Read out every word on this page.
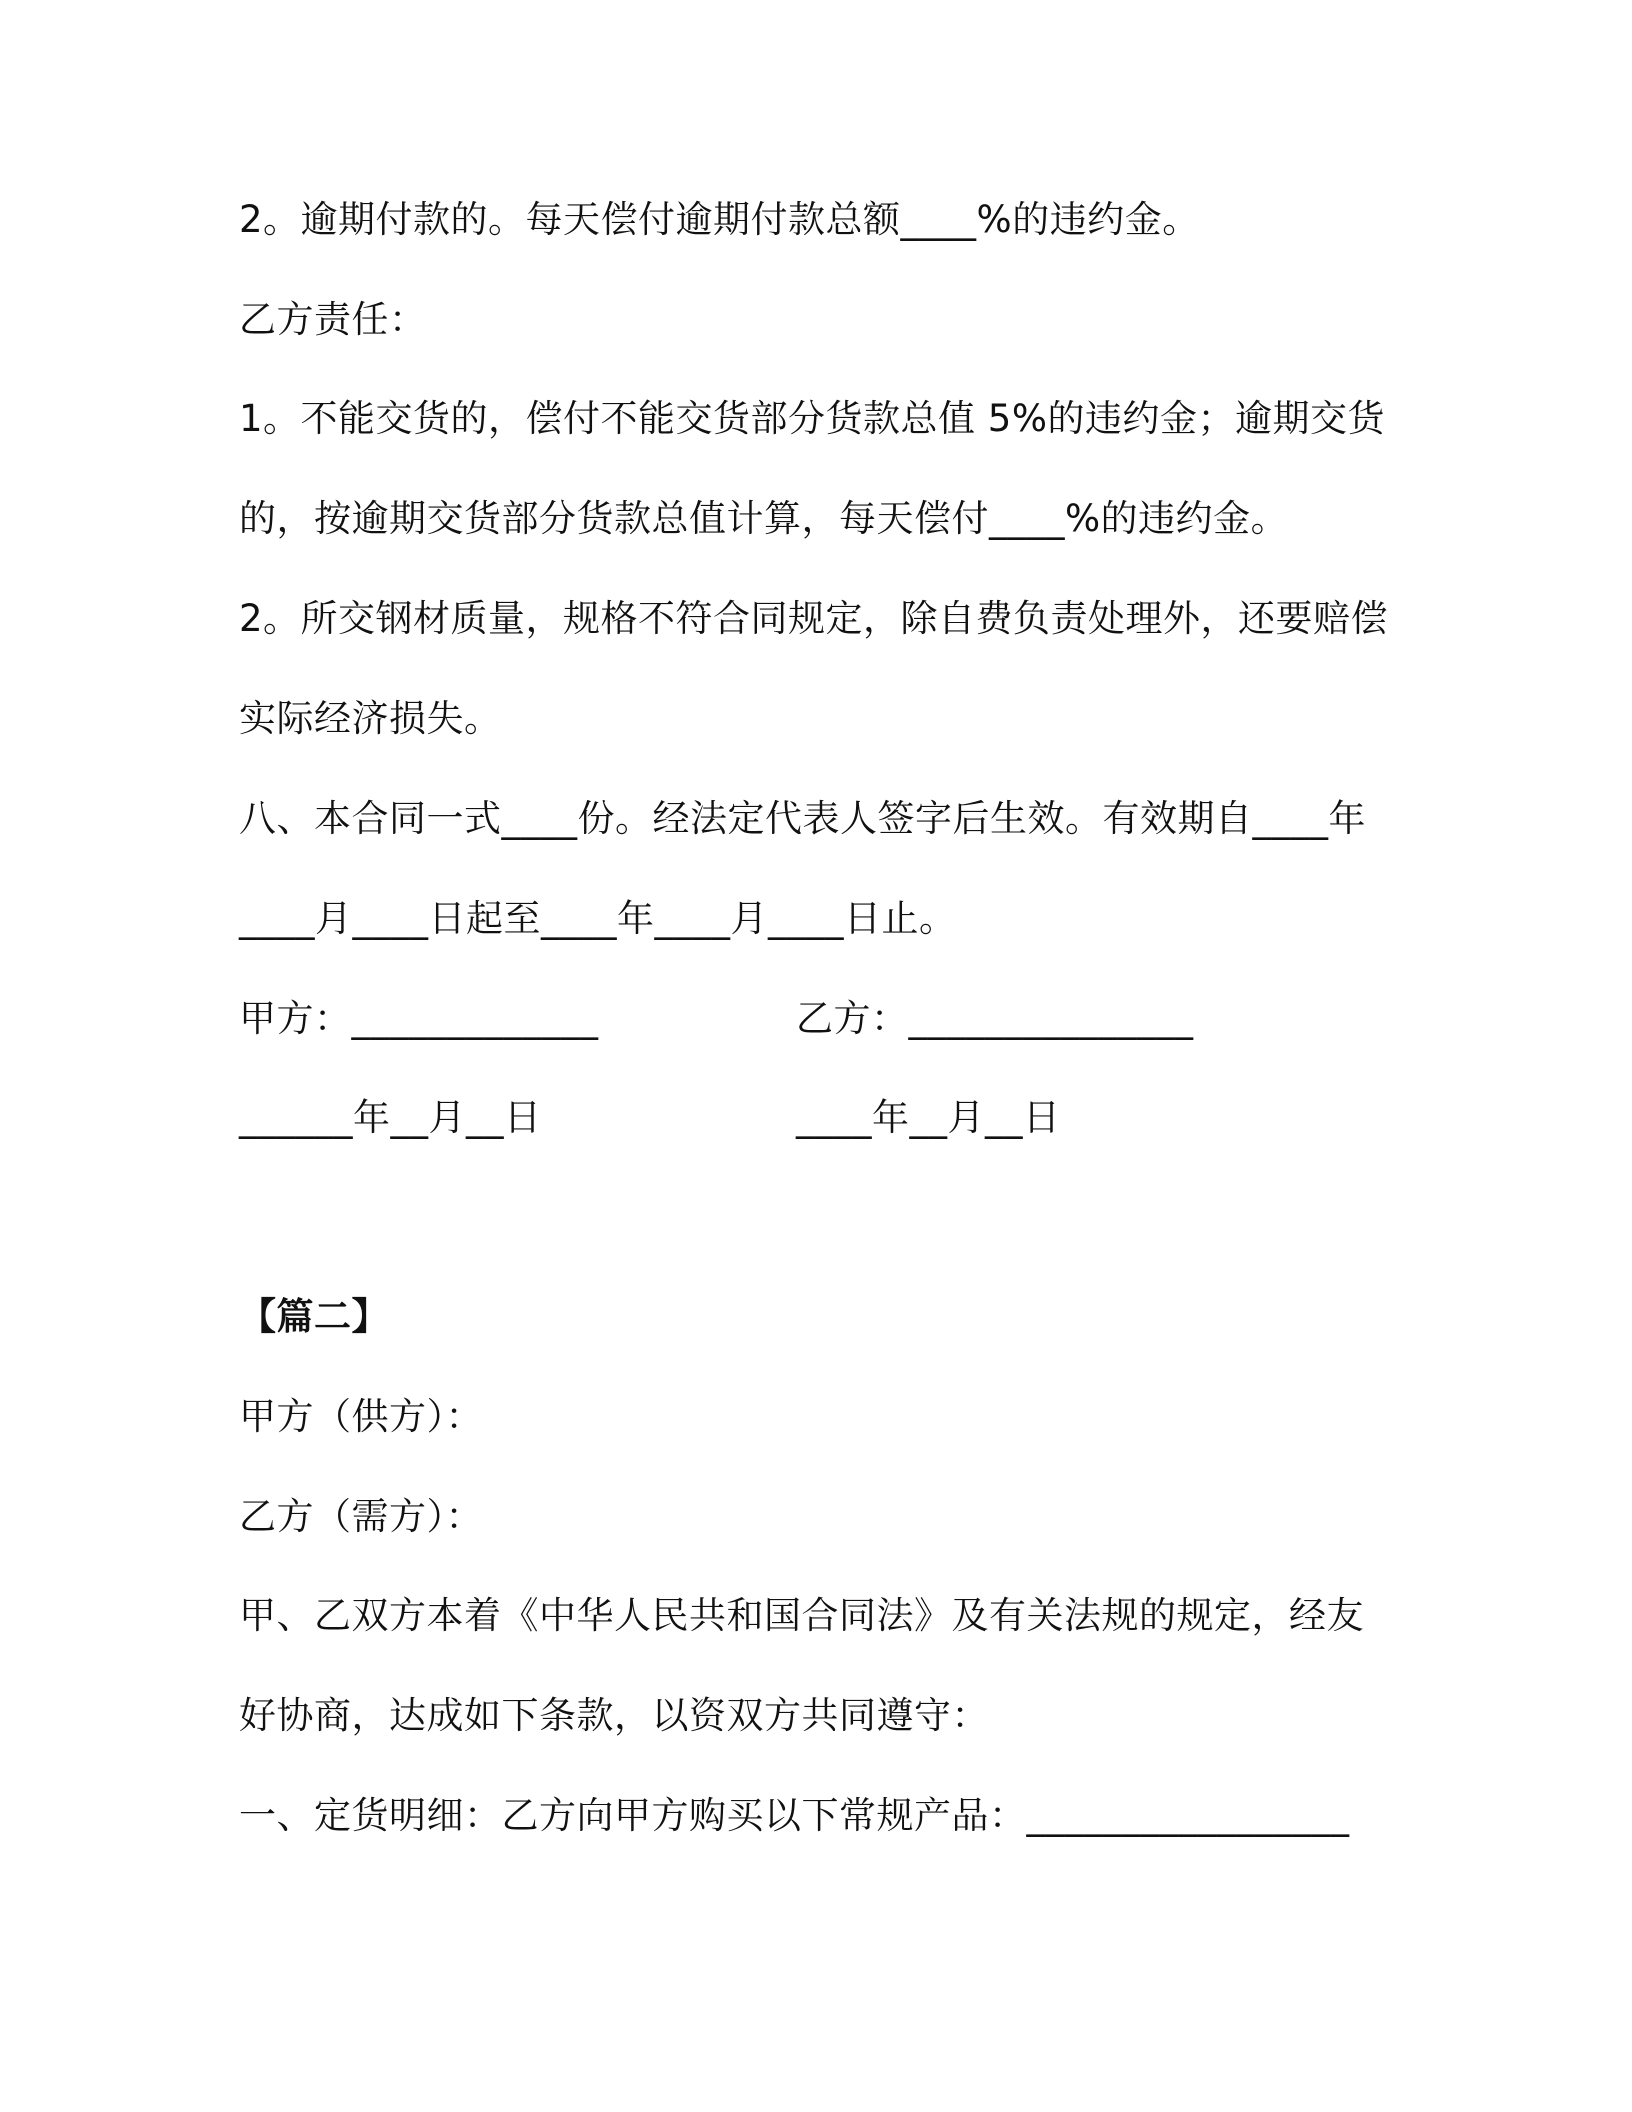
2。逾期付款的。每天偿付逾期付款总额____%的违约金。
乙方责任：
1。不能交货的，偿付不能交货部分货款总值 5%的违约金；逾期交货
的，按逾期交货部分货款总值计算，每天偿付____%的违约金。
2。所交钢材质量，规格不符合同规定，除自费负责处理外，还要赔偿
实际经济损失。
八、本合同一式____份。经法定代表人签字后生效。有效期自____年
____月____日起至____年____月____日止。
甲方：_____________	乙方：_______________
______年__月__日	____年__月__日
【篇二】
甲方（供方）：
乙方（需方）：
甲、乙双方本着《中华人民共和国合同法》及有关法规的规定，经友
好协商，达成如下条款，以资双方共同遵守：
一、定货明细：乙方向甲方购买以下常规产品：_________________
